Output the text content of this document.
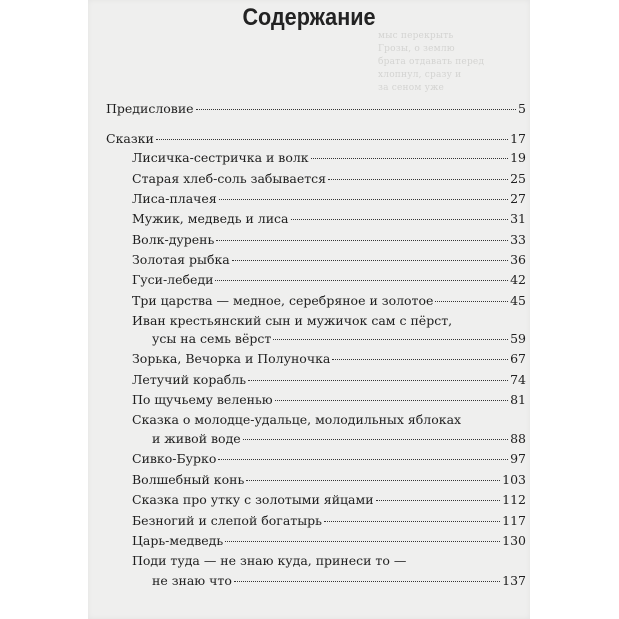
мыс перекрыть
Грозы, о землю
брата отдавать перед
хлопнул, сразу и
за сеном уже
Содержание
Предисловие	5
Сказки	17
Лисичка-сестричка и волк	19
Старая хлеб-соль забывается	25
Лиса-плачея	27
Мужик, медведь и лиса	31
Волк-дурень	33
Золотая рыбка	36
Гуси-лебеди	42
Три царства — медное, серебряное и золотое	45
Иван крестьянский сын и мужичок сам с пёрст,
усы на семь вёрст	59
Зорька, Вечорка и Полуночка	67
Летучий корабль	74
По щучьему веленью	81
Сказка о молодце-удальце, молодильных яблоках
и живой воде	88
Сивко-Бурко	97
Волшебный конь	103
Сказка про утку с золотыми яйцами	112
Безногий и слепой богатырь	117
Царь-медведь	130
Поди туда — не знаю куда, принеси то —
не знаю что	137
